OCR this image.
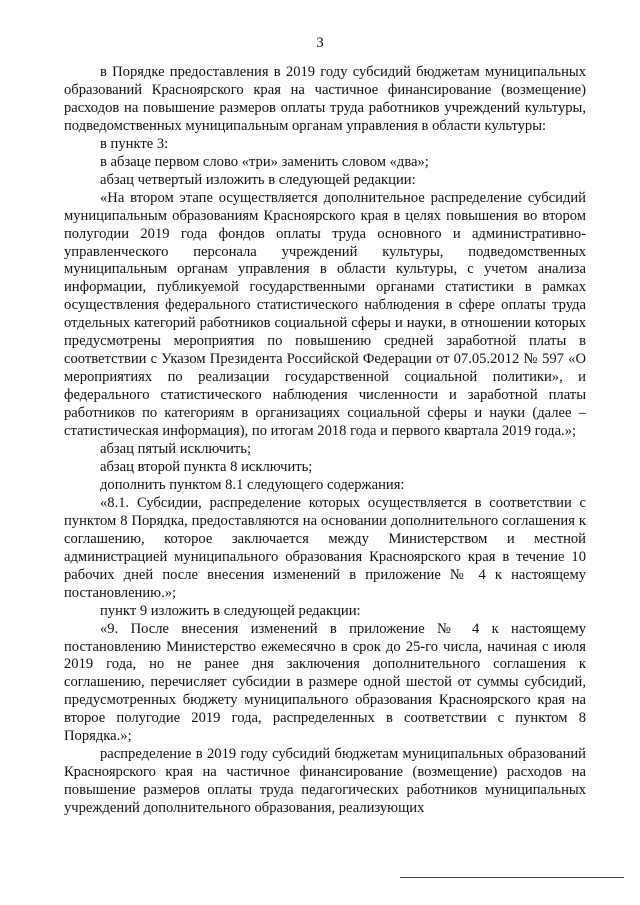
3

в Порядке предоставления в 2019 году субсидий бюджетам муниципальных образований Красноярского края на частичное финансирование (возмещение) расходов на повышение размеров оплаты труда работников учреждений культуры, подведомственных муниципальным органам управления в области культуры:

в пункте 3:

в абзаце первом слово «три» заменить словом «два»;

абзац четвертый изложить в следующей редакции:

«На втором этапе осуществляется дополнительное распределение субсидий муниципальным образованиям Красноярского края в целях повышения во втором полугодии 2019 года фондов оплаты труда основного и административно-управленческого персонала учреждений культуры, подведомственных муниципальным органам управления в области культуры, с учетом анализа информации, публикуемой государственными органами статистики в рамках осуществления федерального статистического наблюдения в сфере оплаты труда отдельных категорий работников социальной сферы и науки, в отношении которых предусмотрены мероприятия по повышению средней заработной платы в соответствии с Указом Президента Российской Федерации от 07.05.2012 № 597 «О мероприятиях по реализации государственной социальной политики», и федерального статистического наблюдения численности и заработной платы работников по категориям в организациях социальной сферы и науки (далее – статистическая информация), по итогам 2018 года и первого квартала 2019 года.»;

абзац пятый исключить;

абзац второй пункта 8 исключить;

дополнить пунктом 8.1 следующего содержания:

«8.1. Субсидии, распределение которых осуществляется в соответствии с пунктом 8 Порядка, предоставляются на основании дополнительного соглашения к соглашению, которое заключается между Министерством и местной администрацией муниципального образования Красноярского края в течение 10 рабочих дней после внесения изменений в приложение № 4 к настоящему постановлению.»;

пункт 9 изложить в следующей редакции:

«9. После внесения изменений в приложение № 4 к настоящему постановлению Министерство ежемесячно в срок до 25-го числа, начиная с июля 2019 года, но не ранее дня заключения дополнительного соглашения к соглашению, перечисляет субсидии в размере одной шестой от суммы субсидий, предусмотренных бюджету муниципального образования Красноярского края на второе полугодие 2019 года, распределенных в соответствии с пунктом 8 Порядка.»;

распределение в 2019 году субсидий бюджетам муниципальных образований Красноярского края на частичное финансирование (возмещение) расходов на повышение размеров оплаты труда педагогических работников муниципальных учреждений дополнительного образования, реализующих
